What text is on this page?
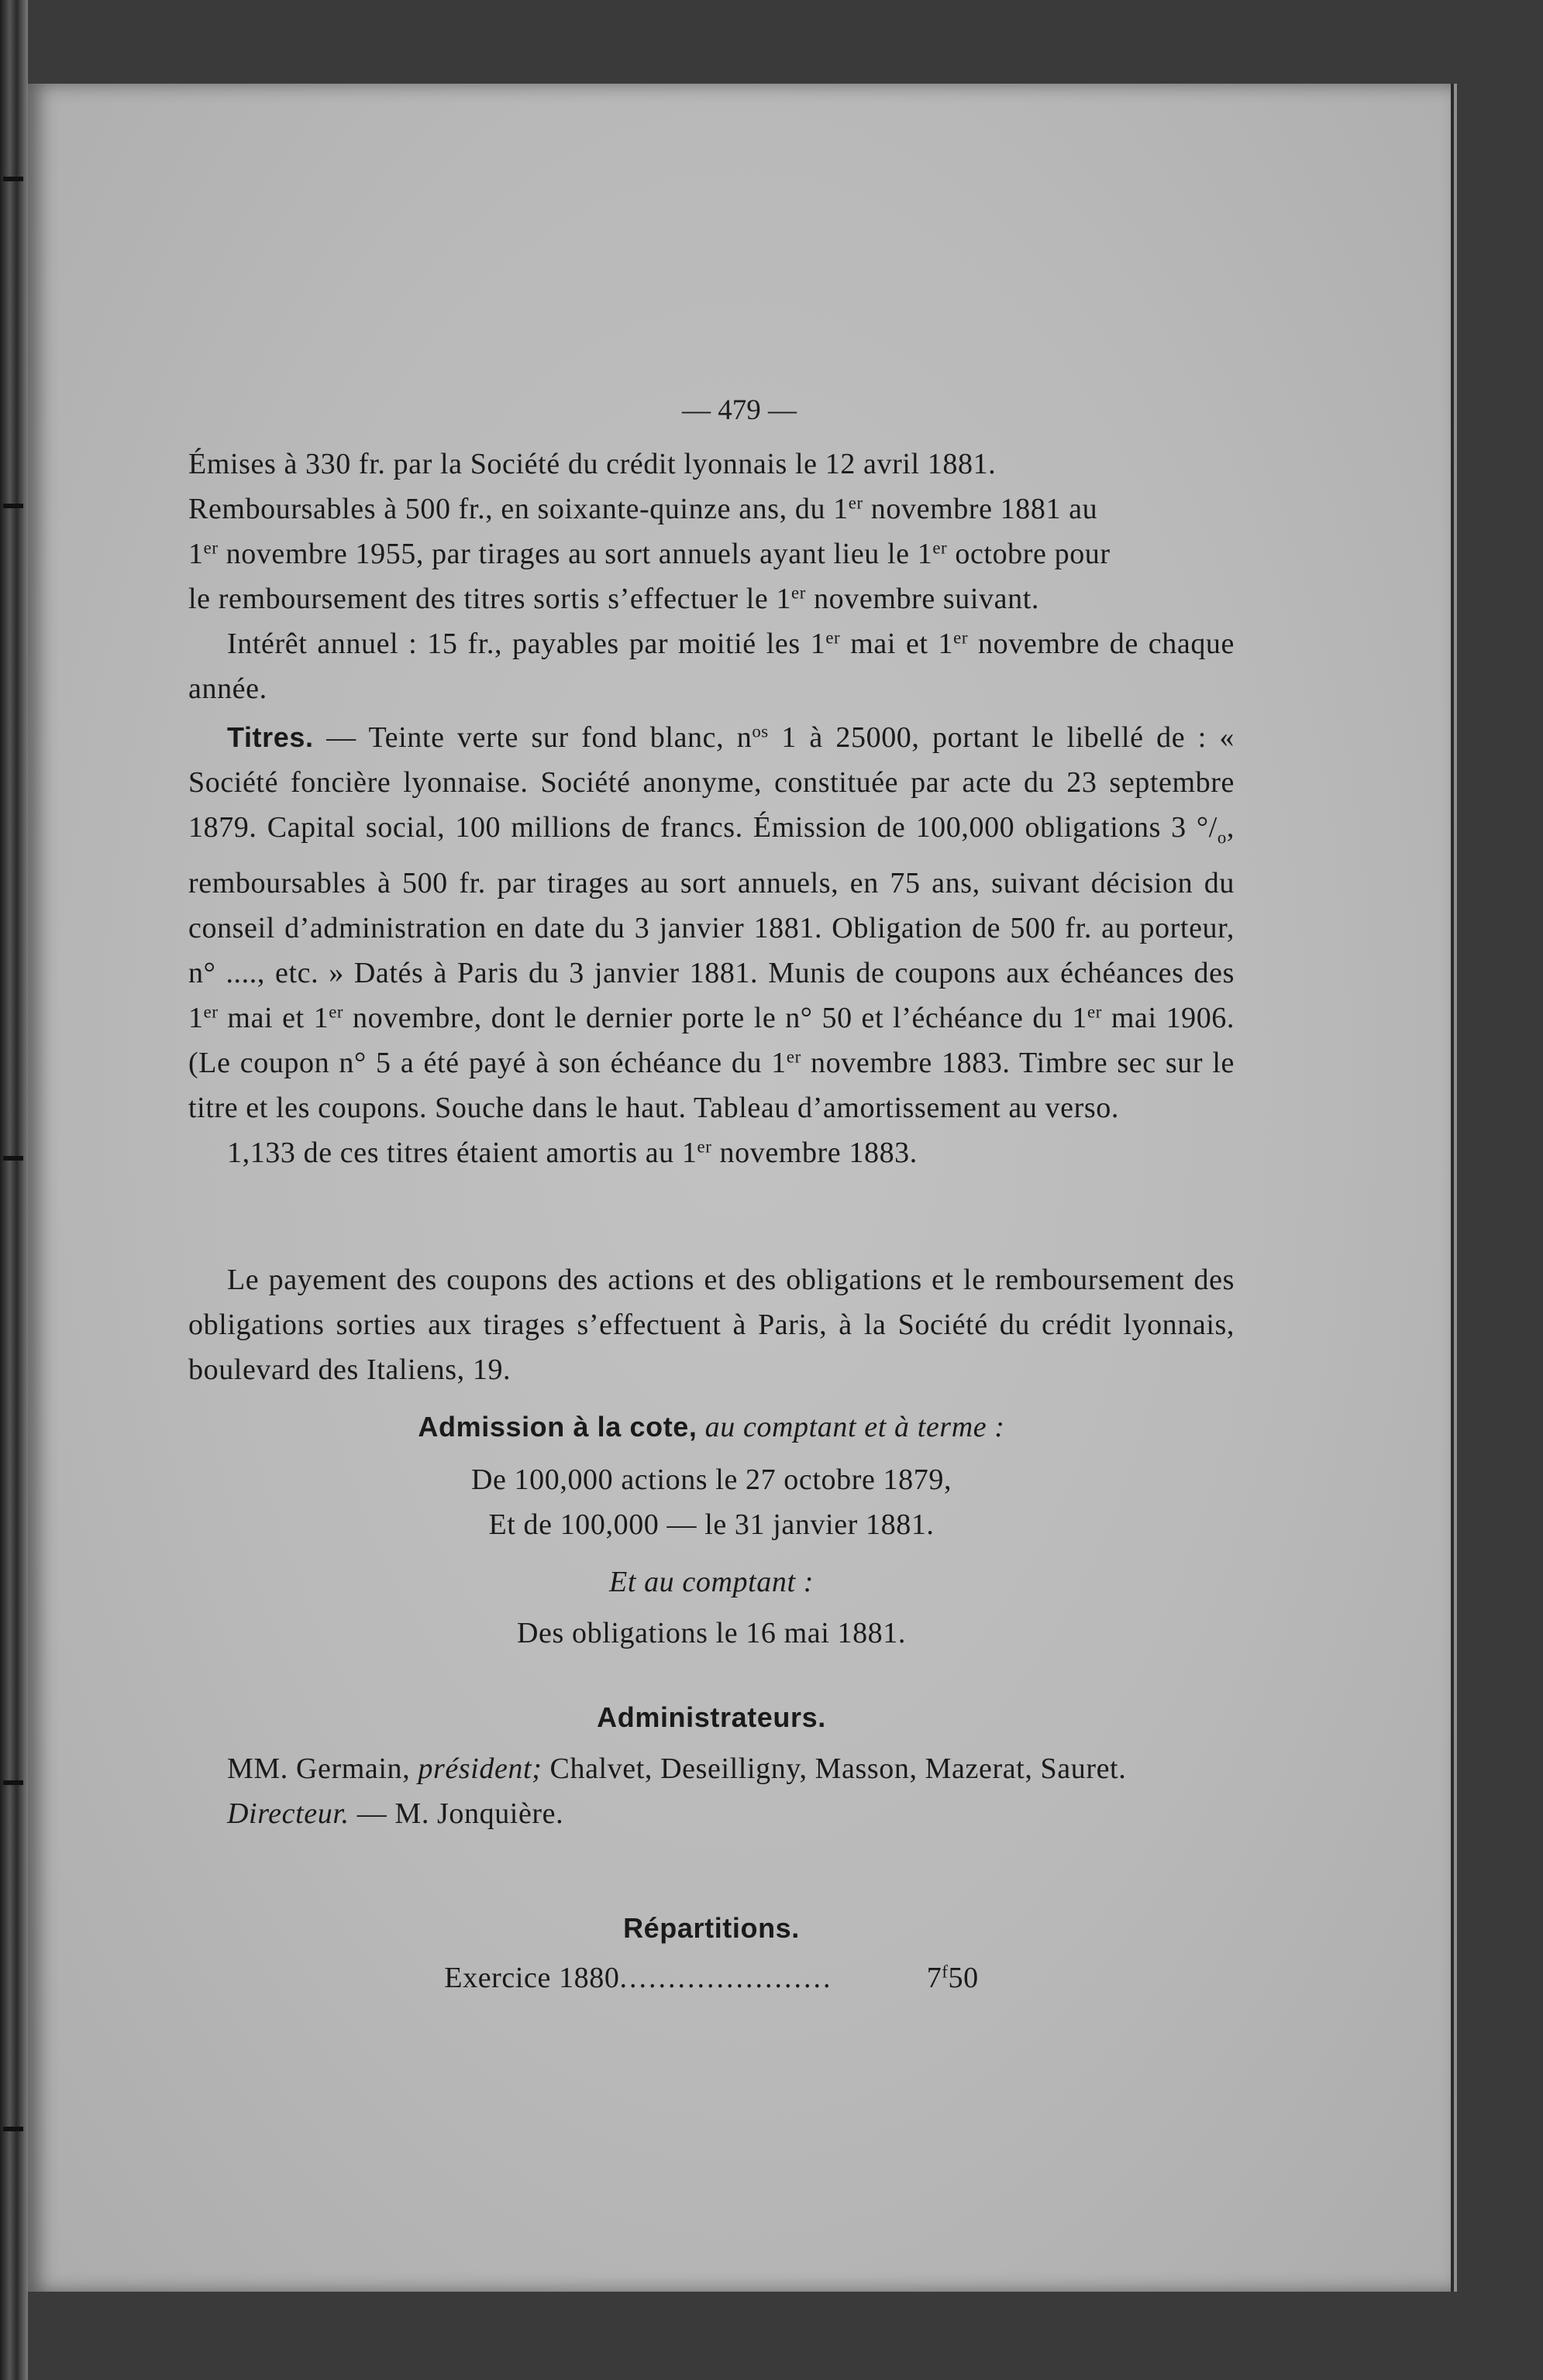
— 479 —

Émises à 330 fr. par la Société du crédit lyonnais le 12 avril 1881.

Remboursables à 500 fr., en soixante-quinze ans, du 1er novembre 1881 au

1er novembre 1955, par tirages au sort annuels ayant lieu le 1er octobre pour

le remboursement des titres sortis s’effectuer le 1er novembre suivant.

Intérêt annuel : 15 fr., payables par moitié les 1er mai et 1er novembre de chaque année.

Titres. — Teinte verte sur fond blanc, $n^{os}$ 1 à 25000, portant le libellé de : « Société foncière lyonnaise. Société anonyme, constituée par acte du 23 septembre 1879. Capital social, 100 millions de francs. Émission de 100,000 obligations 3 $^\circ/_o$, remboursables à 500 fr. par tirages au sort annuels, en 75 ans, suivant décision du conseil d’administration en date du 3 janvier 1881. Obligation de 500 fr. au porteur, n° ...., etc. » Datés à Paris du 3 janvier 1881. Munis de coupons aux échéances des 1er mai et 1er novembre, dont le dernier porte le n° 50 et l’échéance du 1er mai 1906. (Le coupon n° 5 a été payé à son échéance du 1er novembre 1883. Timbre sec sur le titre et les coupons. Souche dans le haut. Tableau d’amortissement au verso.

1,133 de ces titres étaient amortis au 1er novembre 1883.

Le payement des coupons des actions et des obligations et le remboursement des obligations sorties aux tirages s’effectuent à Paris, à la Société du crédit lyonnais, boulevard des Italiens, 19.

Admission à la cote, au comptant et à terme :

De 100,000 actions le 27 octobre 1879,

Et de 100,000 — le 31 janvier 1881.

Et au comptant :

Des obligations le 16 mai 1881.

Administrateurs.

MM. Germain, président; Chalvet, Deseilligny, Masson, Mazerat, Sauret.

Directeur. — M. Jonquière.

Répartitions.

Exercice 1880......................	7$^f$50
